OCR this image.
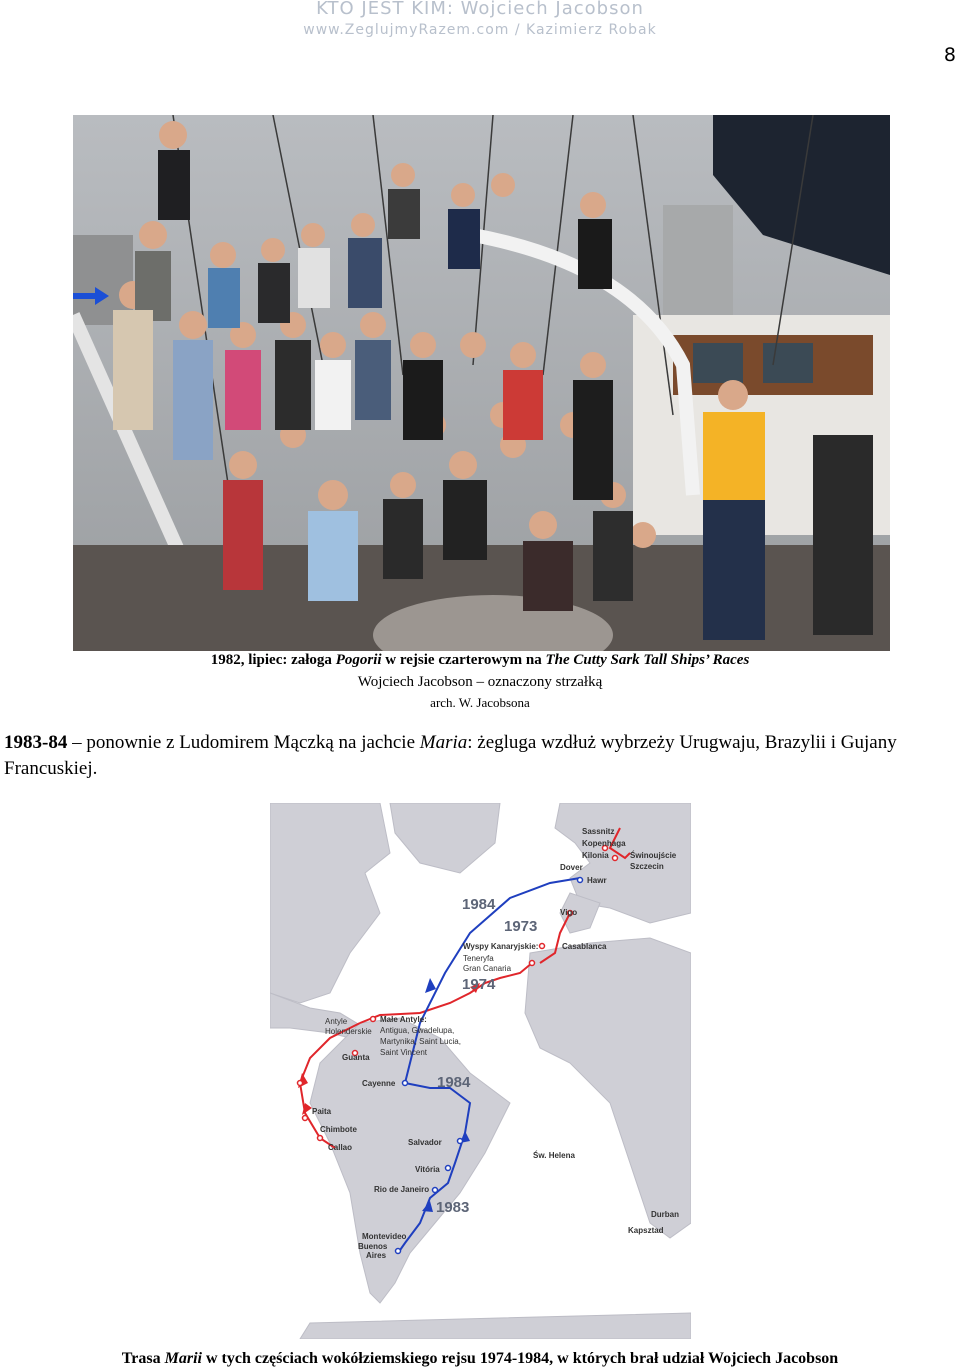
KTO JEST KIM: Wojciech Jacobson
www.ZeglujmyRazem.com / Kazimierz Robak
8
1982, lipiec: załoga Pogorii w rejsie czarterowym na The Cutty Sark Tall Ships’ Races
Wojciech Jacobson – oznaczony strzałką
arch. W. Jacobsona
1983-84 – ponownie z Ludomirem Mączką na jachcie Maria: żegluga wzdłuż wybrzeży Urugwaju, Brazylii i Gujany Francuskiej.
Sassnitz
Kopenhaga
Kilonia	Świnoujście
Szczecin
Dover
Hawr
Vigo
Casablanca
Wyspy Kanaryjskie:
Teneryfa
Gran Canaria
Antyle
Holenderskie
Małe Antyle:
Antigua, Gwadelupa,
Martynika, Saint Lucia,
Saint Vincent
Guanta
Cayenne
Paita
Chimbote
Callao
Salvador
Vitória
Rio de Janeiro
Montevideo
Buenos
Aires
Św. Helena
Durban
Kapsztad
1984
1973
1974
1984
1983
Trasa Marii w tych częściach wokółziemskiego rejsu 1974-1984, w których brał udział Wojciech Jacobson
